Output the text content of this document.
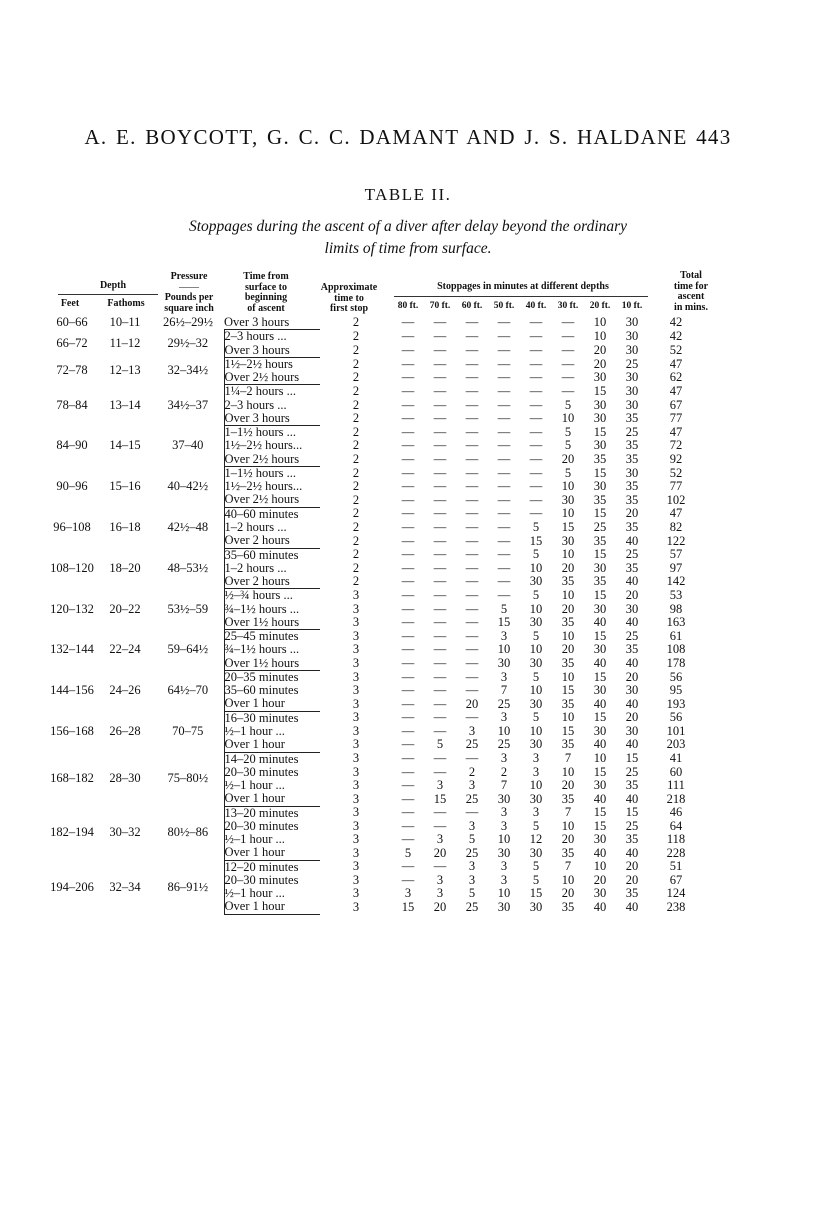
A. E. BOYCOTT, G. C. C. DAMANT AND J. S. HALDANE 443
TABLE II.
Stoppages during the ascent of a diver after delay beyond the ordinary
limits of time from surface.
Depth
Feet	Fathoms
Pressure
——
Pounds per
square inch
Time from
surface to
beginning
of ascent
Approximate
time to
first stop
Stoppages in minutes at different depths
Total
time for
ascent
in mins.
80 ft.	70 ft.	60 ft.	50 ft.	40 ft.	30 ft.	20 ft.	10 ft.
60–66	10–11	26½–29½	Over 3 hours	2	—	—	—	—	—	—	10	30	42
66–72	11–12	29½–32	2–3 hours ...	2	—	—	—	—	—	—	10	30	42
			Over 3 hours	2	—	—	—	—	—	—	20	30	52
72–78	12–13	32–34½	1½–2½ hours	2	—	—	—	—	—	—	20	25	47
			Over 2½ hours	2	—	—	—	—	—	—	30	30	62
78–84	13–14	34½–37	1¼–2 hours ...	2	—	—	—	—	—	—	15	30	47
			2–3 hours ...	2	—	—	—	—	—	5	30	30	67
			Over 3 hours	2	—	—	—	—	—	10	30	35	77
84–90	14–15	37–40	1–1½ hours ...	2	—	—	—	—	—	5	15	25	47
			1½–2½ hours...	2	—	—	—	—	—	5	30	35	72
			Over 2½ hours	2	—	—	—	—	—	20	35	35	92
90–96	15–16	40–42½	1–1½ hours ...	2	—	—	—	—	—	5	15	30	52
			1½–2½ hours...	2	—	—	—	—	—	10	30	35	77
			Over 2½ hours	2	—	—	—	—	—	30	35	35	102
96–108	16–18	42½–48	40–60 minutes	2	—	—	—	—	—	10	15	20	47
			1–2 hours ...	2	—	—	—	—	5	15	25	35	82
			Over 2 hours	2	—	—	—	—	15	30	35	40	122
108–120	18–20	48–53½	35–60 minutes	2	—	—	—	—	5	10	15	25	57
			1–2 hours ...	2	—	—	—	—	10	20	30	35	97
			Over 2 hours	2	—	—	—	—	30	35	35	40	142
120–132	20–22	53½–59	½–¾ hours ...	3	—	—	—	—	5	10	15	20	53
			¾–1½ hours ...	3	—	—	—	5	10	20	30	30	98
			Over 1½ hours	3	—	—	—	15	30	35	40	40	163
132–144	22–24	59–64½	25–45 minutes	3	—	—	—	3	5	10	15	25	61
			¾–1½ hours ...	3	—	—	—	10	10	20	30	35	108
			Over 1½ hours	3	—	—	—	30	30	35	40	40	178
144–156	24–26	64½–70	20–35 minutes	3	—	—	—	3	5	10	15	20	56
			35–60 minutes	3	—	—	—	7	10	15	30	30	95
			Over 1 hour	3	—	—	20	25	30	35	40	40	193
156–168	26–28	70–75	16–30 minutes	3	—	—	—	3	5	10	15	20	56
			½–1 hour ...	3	—	—	3	10	10	15	30	30	101
			Over 1 hour	3	—	5	25	25	30	35	40	40	203
168–182	28–30	75–80½	14–20 minutes	3	—	—	—	3	3	7	10	15	41
			20–30 minutes	3	—	—	2	2	3	10	15	25	60
			½–1 hour ...	3	—	3	3	7	10	20	30	35	111
			Over 1 hour	3	—	15	25	30	30	35	40	40	218
182–194	30–32	80½–86	13–20 minutes	3	—	—	—	3	3	7	15	15	46
			20–30 minutes	3	—	—	3	3	5	10	15	25	64
			½–1 hour ...	3	—	3	5	10	12	20	30	35	118
			Over 1 hour	3	5	20	25	30	30	35	40	40	228
194–206	32–34	86–91½	12–20 minutes	3	—	—	3	3	5	7	10	20	51
			20–30 minutes	3	—	3	3	3	5	10	20	20	67
			½–1 hour ...	3	3	3	5	10	15	20	30	35	124
			Over 1 hour	3	15	20	25	30	30	35	40	40	238
